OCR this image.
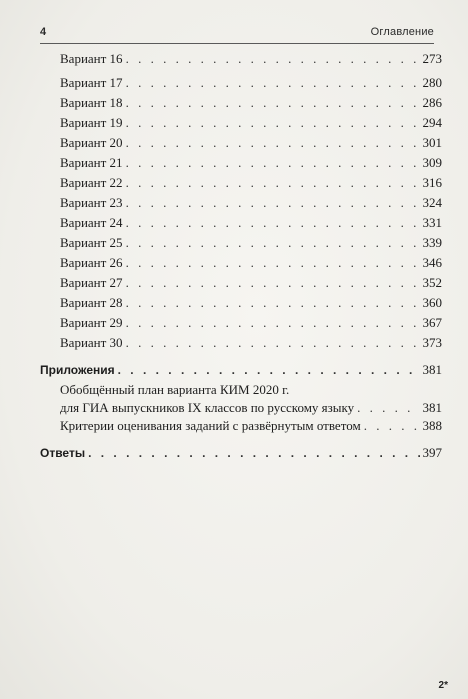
4	Оглавление
Вариант 16 . . .	273
Вариант 17 . . .	280
Вариант 18 . . .	286
Вариант 19 . . .	294
Вариант 20 . . .	301
Вариант 21 . . .	309
Вариант 22 . . .	316
Вариант 23 . . .	324
Вариант 24 . . .	331
Вариант 25 . . .	339
Вариант 26 . . .	346
Вариант 27 . . .	352
Вариант 28 . . .	360
Вариант 29 . . .	367
Вариант 30 . . .	373
Приложения . . .	381
Обобщённый план варианта КИМ 2020 г.
для ГИА выпускников IX классов по русскому языку . . .	381
Критерии оценивания заданий с развёрнутым ответом . . .	388
Ответы . . .	397
2*
